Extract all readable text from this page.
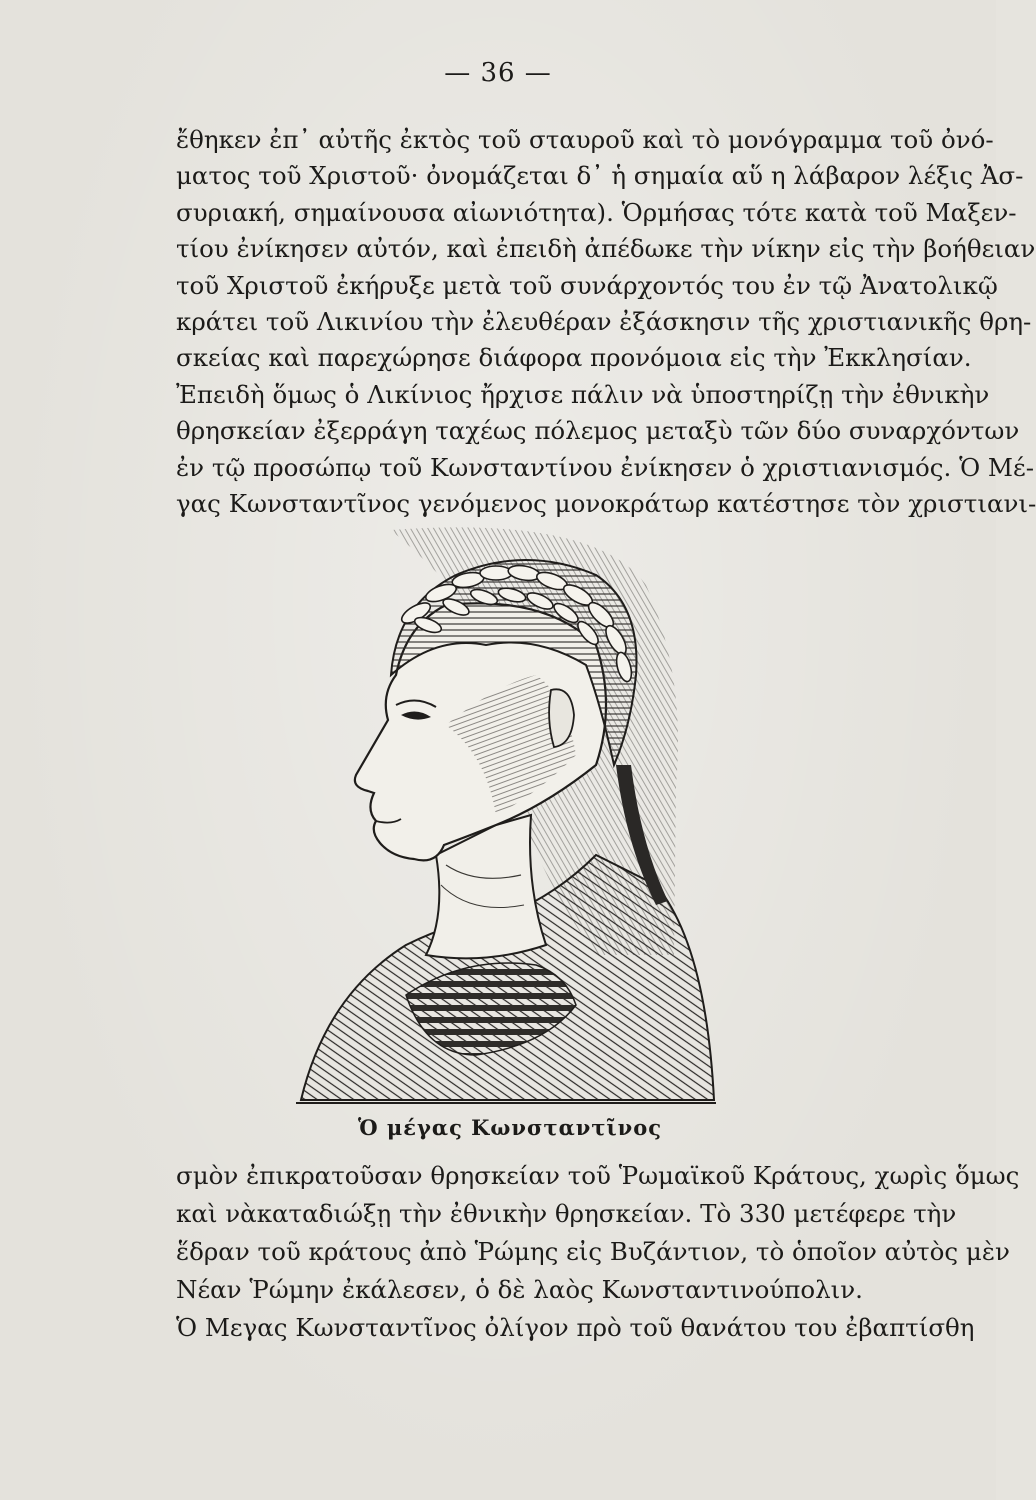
— 36 —
ἔθηκεν ἐπ᾽ αὐτῆς ἐκτὸς τοῦ σταυροῦ καὶ τὸ μονόγραμμα τοῦ ὀνό-
ματος τοῦ Χριστοῦ· ὀνομάζεται δ᾽ ἡ σημαία αὕ η λάβαρον λέξις Ἀσ-
συριακή, σημαίνουσα αἰωνιότητα). Ὁρμήσας τότε κατὰ τοῦ Μαξεν-
τίου ἐνίκησεν αὐτόν, καὶ ἐπειδὴ ἀπέδωκε τὴν νίκην εἰς τὴν βοήθειαν
τοῦ Χριστοῦ ἐκήρυξε μετὰ τοῦ συνάρχοντός του ἐν τῷ Ἀνατολικῷ
κράτει τοῦ Λικινίου τὴν ἐλευθέραν ἐξάσκησιν τῆς χριστιανικῆς θρη-
σκείας καὶ παρεχώρησε διάφορα προνόμοια εἰς τὴν Ἐκκλησίαν.
Ἐπειδὴ ὅμως ὁ Λικίνιος ἤρχισε πάλιν νὰ ὑποστηρίζῃ τὴν ἐθνικὴν
θρησκείαν ἐξερράγη ταχέως πόλεμος μεταξὺ τῶν δύο συναρχόντων
ἐν τῷ προσώπῳ τοῦ Κωνσταντίνου ἐνίκησεν ὁ χριστιανισμός. Ὁ Μέ-
γας Κωνσταντῖνος γενόμενος μονοκράτωρ κατέστησε τὸν χριστιανι-
Ὁ μέγας Κωνσταντῖνος
σμὸν ἐπικρατοῦσαν θρησκείαν τοῦ Ῥωμαϊκοῦ Κράτους, χωρὶς ὅμως
καὶ νὰκαταδιώξῃ τὴν ἐθνικὴν θρησκείαν. Τὸ 330 μετέφερε τὴν
ἕδραν τοῦ κράτους ἀπὸ Ῥώμης εἰς Βυζάντιον, τὸ ὁποῖον αὐτὸς μὲν
Νέαν Ῥώμην ἐκάλεσεν, ὁ δὲ λαὸς Κωνσταντινούπολιν.
Ὁ Μεγας Κωνσταντῖνος ὀλίγον πρὸ τοῦ θανάτου του ἐβαπτίσθη
